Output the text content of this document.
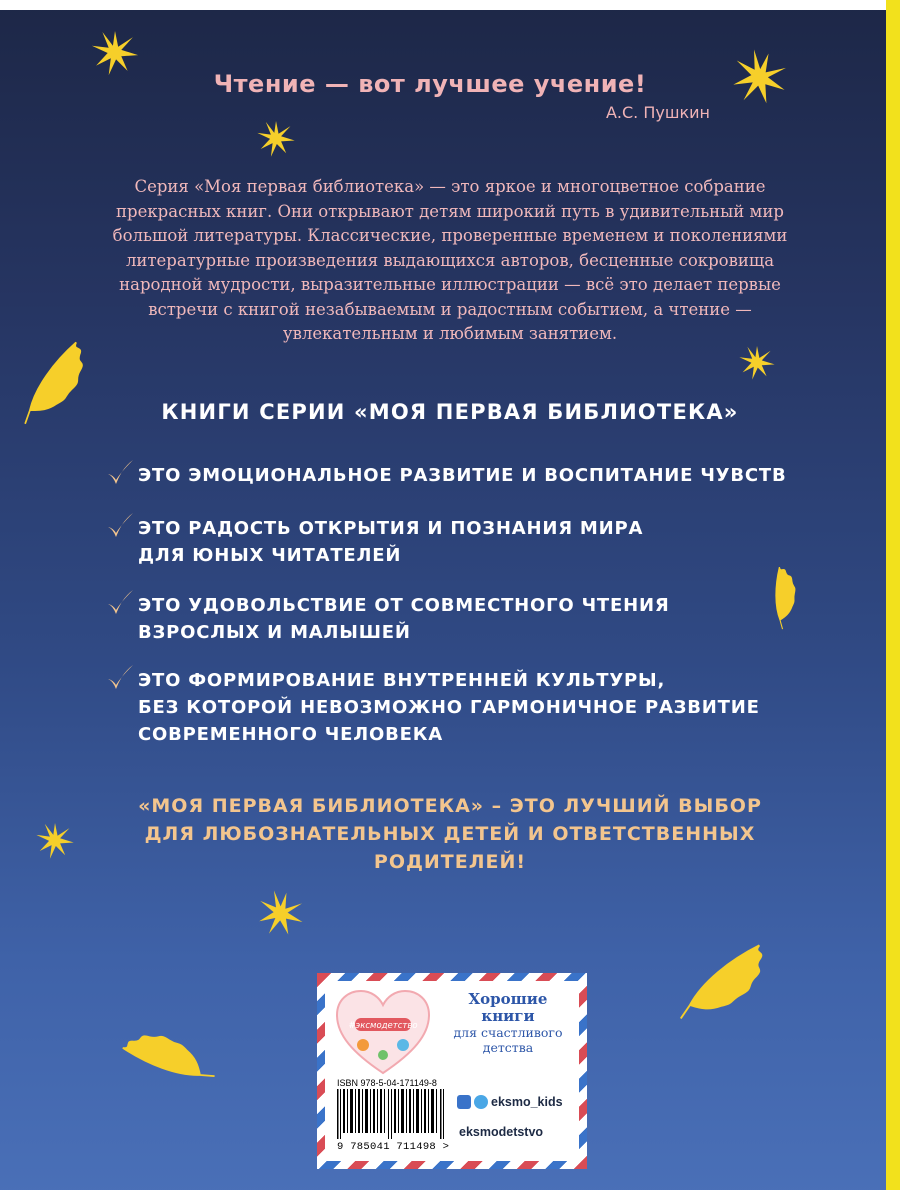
Чтение — вот лучшее учение!
А.С. Пушкин
Серия «Моя первая библиотека» — это яркое и многоцветное собрание прекрасных книг. Они открывают детям широкий путь в удивительный мир большой литературы. Классические, проверенные временем и поколениями литературные произведения выдающихся авторов, бесценные сокровища народной мудрости, выразительные иллюстрации — всё это делает первые встречи с книгой незабываемым и радостным событием, а чтение — увлекательным и любимым занятием.
КНИГИ СЕРИИ «МОЯ ПЕРВАЯ БИБЛИОТЕКА»
ЭТО ЭМОЦИОНАЛЬНОЕ РАЗВИТИЕ И ВОСПИТАНИЕ ЧУВСТВ
ЭТО РАДОСТЬ ОТКРЫТИЯ И ПОЗНАНИЯ МИРА
ДЛЯ ЮНЫХ ЧИТАТЕЛЕЙ
ЭТО УДОВОЛЬСТВИЕ ОТ СОВМЕСТНОГО ЧТЕНИЯ
ВЗРОСЛЫХ И МАЛЫШЕЙ
ЭТО ФОРМИРОВАНИЕ ВНУТРЕННЕЙ КУЛЬТУРЫ,
БЕЗ КОТОРОЙ НЕВОЗМОЖНО ГАРМОНИЧНОЕ РАЗВИТИЕ
СОВРЕМЕННОГО ЧЕЛОВЕКА
«МОЯ ПЕРВАЯ БИБЛИОТЕКА» – ЭТО ЛУЧШИЙ ВЫБОР
ДЛЯ ЛЮБОЗНАТЕЛЬНЫХ ДЕТЕЙ И ОТВЕТСТВЕННЫХ
РОДИТЕЛЕЙ!
#эксмодетство
Хорошие
книги
для счастливого
детства
ISBN 978-5-04-171149-8
9 785041 711498 >
eksmo_kids
eksmodetstvo
